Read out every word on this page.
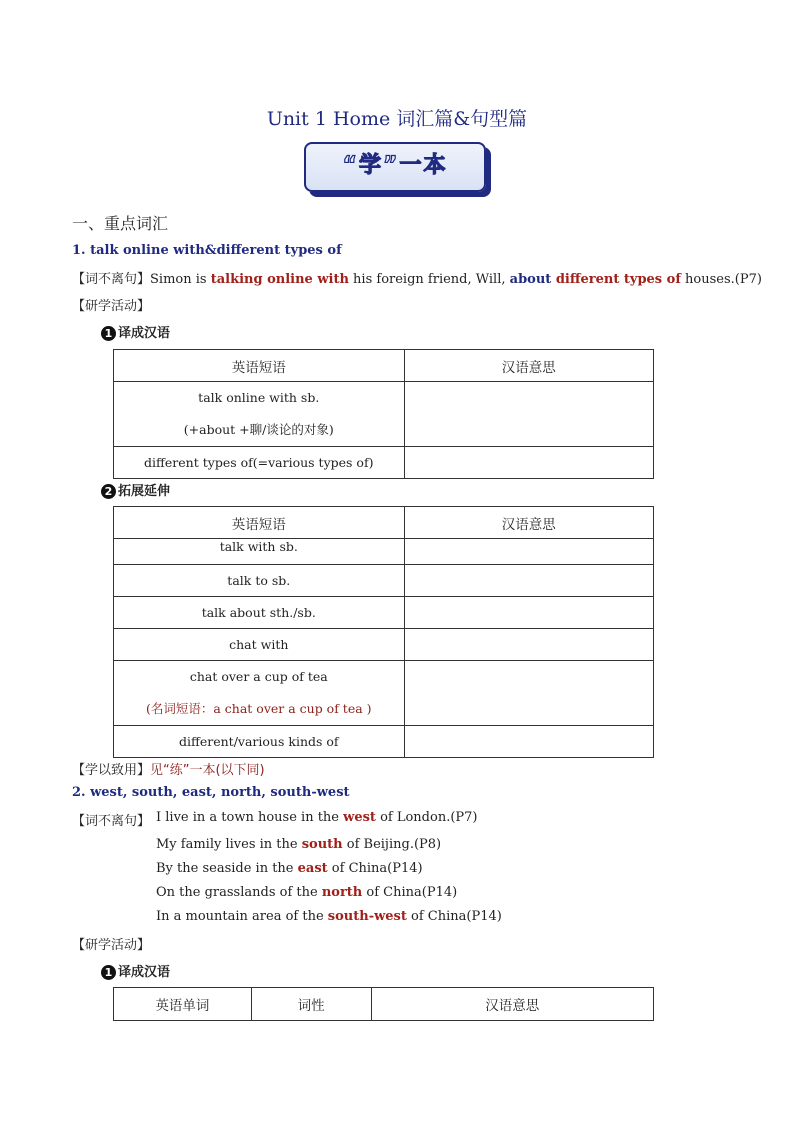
Unit 1 Home 词汇篇&句型篇
“学”一本
一、重点词汇
1. talk online with&different types of
【词不离句】Simon is talking online with his foreign friend, Will, about different types of houses.(P7)
【研学活动】
1 译成汉语
英语短语	汉语意思

talk online with sb.
(+about +聊/谈论的对象)	

different types of(=various types of)	
2 拓展延伸
英语短语	汉语意思
talk with sb.	
talk to sb.	
talk about sth./sb.	
chat with	

chat over a cup of tea
(名词短语：a chat over a cup of tea )	

different/various kinds of	
【学以致用】见“练”一本(以下同)
2. west, south, east, north, south-west
【词不离句】 I live in a town house in the west of London.(P7)
My family lives in the south of Beijing.(P8)
By the seaside in the east of China(P14)
On the grasslands of the north of China(P14)
In a mountain area of the south-west of China(P14)
【研学活动】
1 译成汉语
英语单词	词性	汉语意思
